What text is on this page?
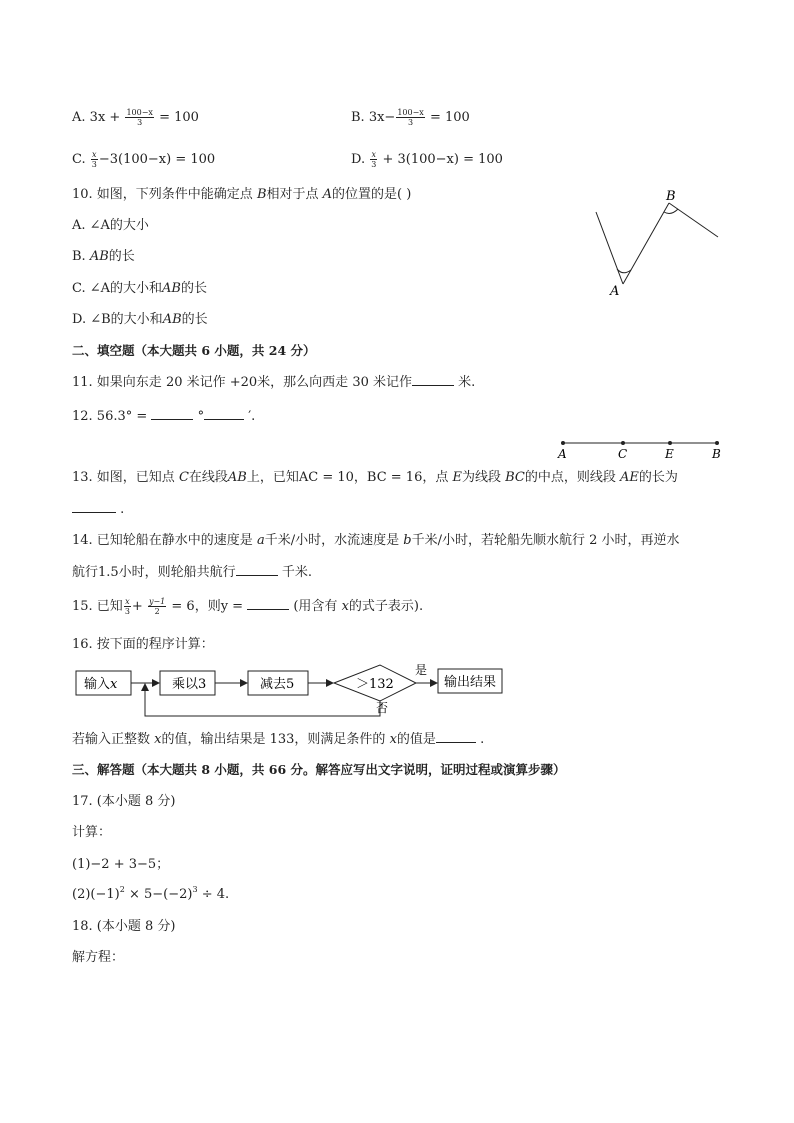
A. $3x + \frac{100-x}{3} = 100$	B. $3x- \frac{100-x}{3} = 100$
C. $\frac{x}{3} -3(100-x) = 100$	D. $\frac{x}{3} + 3(100-x) = 100$
10. 如图，下列条件中能确定点 B相对于点 A的位置的是( )
A. ∠A的大小
B. AB的长
C. ∠A的大小和AB的长
D. ∠B的大小和AB的长
A
B
二、填空题（本大题共 6 小题，共 24 分）
11. 如果向东走 20 米记作 +20米，那么向西走 30 米记作	米.
12. 56.3° =	°	′.
A	C	E	B
13. 如图，已知点 C在线段AB上，已知AC = 10，BC = 16，点 E为线段 BC的中点，则线段 AE的长为
.
14. 已知轮船在静水中的速度是 a千米/小时，水流速度是 b千米/小时，若轮船先顺水航行 2 小时，再逆水
航行1.5小时，则轮船共航行	千米.
15. 已知 $\frac{x}{3} + \frac{y-1}{2} = 6$，则y =	(用含有 x的式子表示).
16. 按下面的程序计算：
输入x	乘以3	减去5	＞132	输出结果
是
否
若输入正整数 x的值，输出结果是 133，则满足条件的 x的值是	.
三、解答题（本大题共 8 小题，共 66 分。解答应写出文字说明，证明过程或演算步骤）
17. (本小题 8 分)
计算：
(1)−2 + 3−5；
$(2)(-1)^2 \times 5-(-2)^3 \div 4$.
18. (本小题 8 分)
解方程：
